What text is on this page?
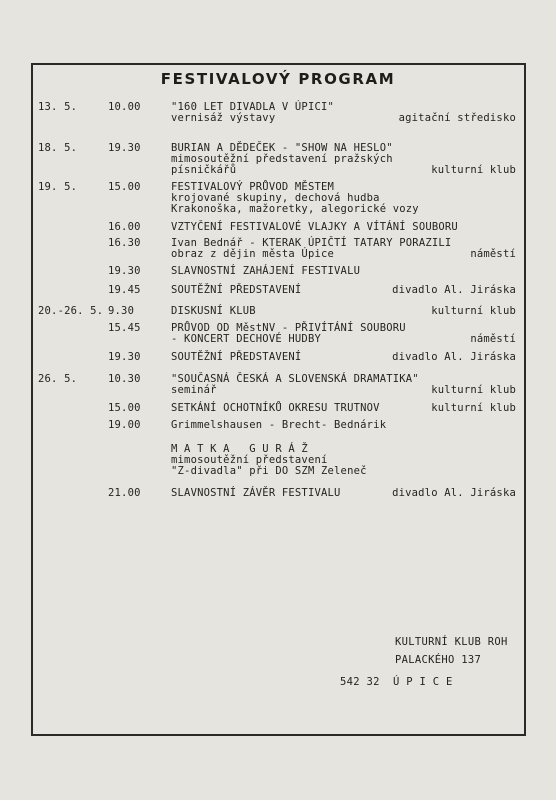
FESTIVALOVÝ PROGRAM
13. 5.	10.00	"160 LET DIVADLA V ÚPICI"
vernisáž výstavy	agitační středisko
18. 5.	19.30	BURIAN A DĚDEČEK - "SHOW NA HESLO"
mimosoutěžní představení pražských
písničkářů	kulturní klub
19. 5.	15.00	FESTIVALOVÝ PRŮVOD MĚSTEM
krojované skupiny, dechová hudba
Krakonoška, mažoretky, alegorické vozy
16.00	VZTYČENÍ FESTIVALOVÉ VLAJKY A VÍTÁNÍ SOUBORU
16.30	Ivan Bednář - KTERAK ÚPIČTÍ TATARY PORAZILI
obraz z dějin města Úpice	náměstí
19.30	SLAVNOSTNÍ ZAHÁJENÍ FESTIVALU
19.45	SOUTĚŽNÍ PŘEDSTAVENÍ	divadlo Al. Jiráska
20.-26. 5. 9.30	DISKUSNÍ KLUB	kulturní klub
15.45	PRŮVOD OD MěstNV - PŘIVÍTÁNÍ SOUBORU
- KONCERT DECHOVÉ HUDBY	náměstí
19.30	SOUTĚŽNÍ PŘEDSTAVENÍ	divadlo Al. Jiráska
26. 5.	10.30	"SOUČASNÁ ČESKÁ A SLOVENSKÁ DRAMATIKA"
seminář	kulturní klub
15.00	SETKÁNÍ OCHOTNÍKŮ OKRESU TRUTNOV	kulturní klub
19.00	Grimmelshausen - Brecht- Bednárik
M A T K A   G U R Á Ž
mimosoutěžní představení
"Z-divadla" při DO SZM Zeleneč
21.00	SLAVNOSTNÍ ZÁVĚR FESTIVALU	divadlo Al. Jiráska
KULTURNÍ KLUB ROH
PALACKÉHO 137
542 32  Ú P I C E
